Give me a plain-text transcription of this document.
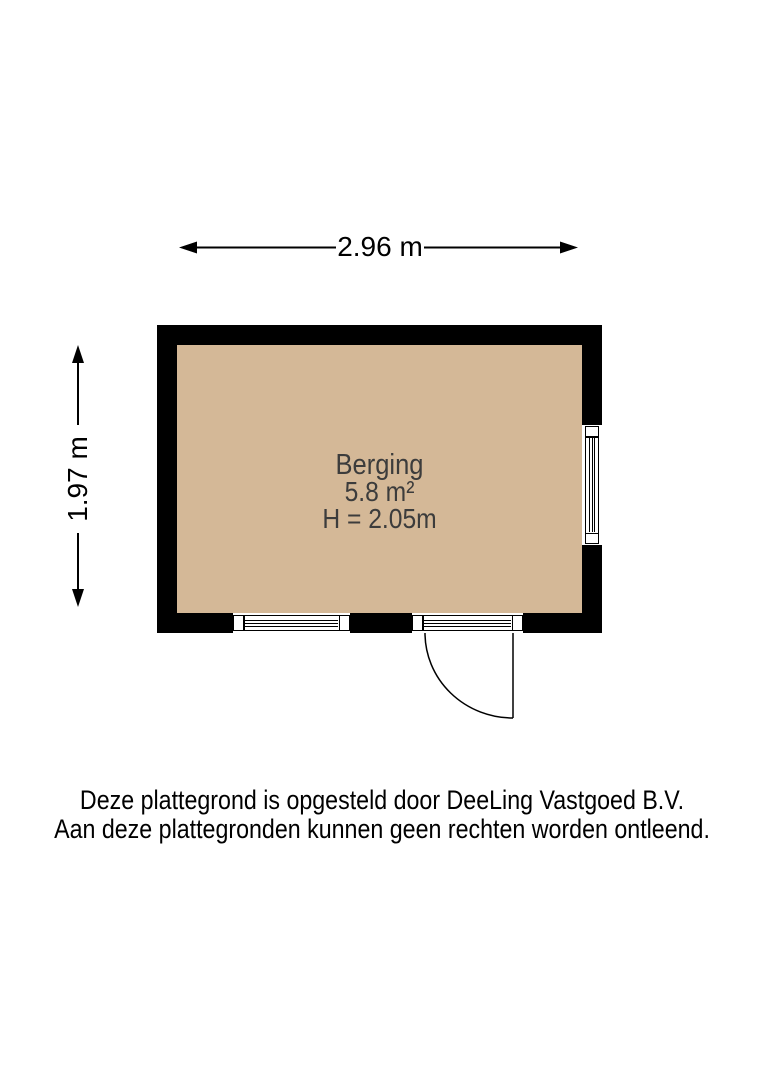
2.96 m
1.97 m	Berging
5.8 m²
H = 2.05m
Deze plattegrond is opgesteld door DeeLing Vastgoed B.V.
Aan deze plattegronden kunnen geen rechten worden ontleend.
